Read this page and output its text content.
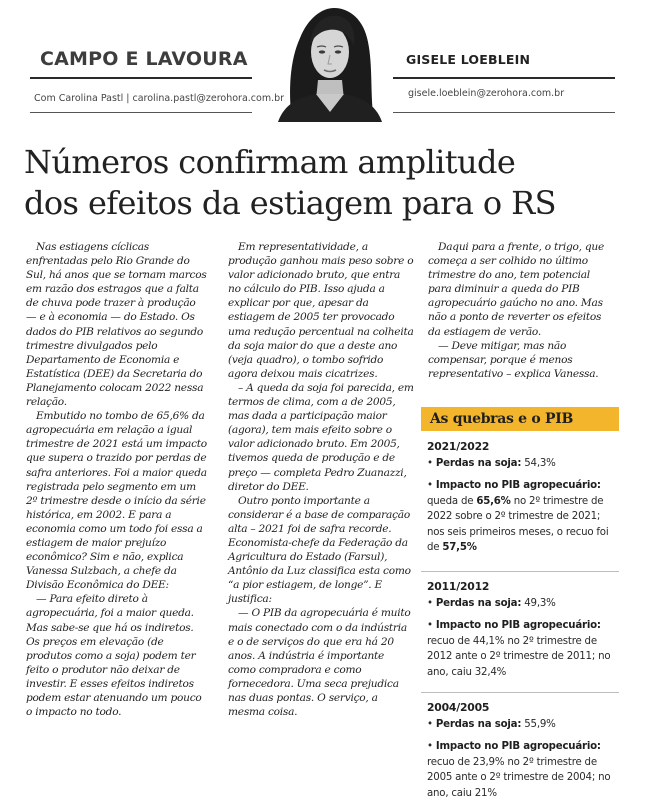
CAMPO E LAVOURA
Com Carolina Pastl | carolina.pastl@zerohora.com.br
GISELE LOEBLEIN
gisele.loeblein@zerohora.com.br
Números confirmam amplitude
dos efeitos da estiagem para o RS

Nas estiagens cíclicas enfrentadas pelo Rio Grande do Sul, há anos que se tornam marcos em razão dos estragos que a falta de chuva pode trazer à produção — e à economia — do Estado. Os dados do PIB relativos ao segundo trimestre divulgados pelo Departamento de Economia e Estatística (DEE) da Secretaria do Planejamento colocam 2022 nessa relação.

Embutido no tombo de 65,6% da agropecuária em relação a igual trimestre de 2021 está um impacto que supera o trazido por perdas de safra anteriores. Foi a maior queda registrada pelo segmento em um 2º trimestre desde o início da série histórica, em 2002. E para a economia como um todo foi essa a estiagem de maior prejuízo econômico? Sim e não, explica Vanessa Sulzbach, a chefe da Divisão Econômica do DEE:

— Para efeito direto à agropecuária, foi a maior queda. Mas sabe-se que há os indiretos. Os preços em elevação (de produtos como a soja) podem ter feito o produtor não deixar de investir. E esses efeitos indiretos podem estar atenuando um pouco o impacto no todo.

Em representatividade, a produção ganhou mais peso sobre o valor adicionado bruto, que entra no cálculo do PIB. Isso ajuda a explicar por que, apesar da estiagem de 2005 ter provocado uma redução percentual na colheita da soja maior do que a deste ano (veja quadro), o tombo sofrido agora deixou mais cicatrizes.

– A queda da soja foi parecida, em termos de clima, com a de 2005, mas dada a participação maior (agora), tem mais efeito sobre o valor adicionado bruto. Em 2005, tivemos queda de produção e de preço — completa Pedro Zuanazzi, diretor do DEE.

Outro ponto importante a considerar é a base de comparação alta – 2021 foi de safra recorde. Economista-chefe da Federação da Agricultura do Estado (Farsul), Antônio da Luz classifica esta como “a pior estiagem, de longe”. E justifica:

— O PIB da agropecuária é muito mais conectado com o da indústria e o de serviços do que era há 20 anos. A indústria é importante como compradora e como fornecedora. Uma seca prejudica nas duas pontas. O serviço, a mesma coisa.

Daqui para a frente, o trigo, que começa a ser colhido no último trimestre do ano, tem potencial para diminuir a queda do PIB agropecuário gaúcho no ano. Mas não a ponto de reverter os efeitos da estiagem de verão.

— Deve mitigar, mas não compensar, porque é menos representativo – explica Vanessa.

As quebras e o PIB
2021/2022
• Perdas na soja: 54,3%
• Impacto no PIB agropecuário:
queda de 65,6% no 2º trimestre de 2022 sobre o 2º trimestre de 2021; nos seis primeiros meses, o recuo foi de 57,5%
2011/2012
• Perdas na soja: 49,3%
• Impacto no PIB agropecuário:
recuo de 44,1% no 2º trimestre de 2012 ante o 2º trimestre de 2011; no ano, caiu 32,4%
2004/2005
• Perdas na soja: 55,9%
• Impacto no PIB agropecuário:
recuo de 23,9% no 2º trimestre de 2005 ante o 2º trimestre de 2004; no ano, caiu 21%
